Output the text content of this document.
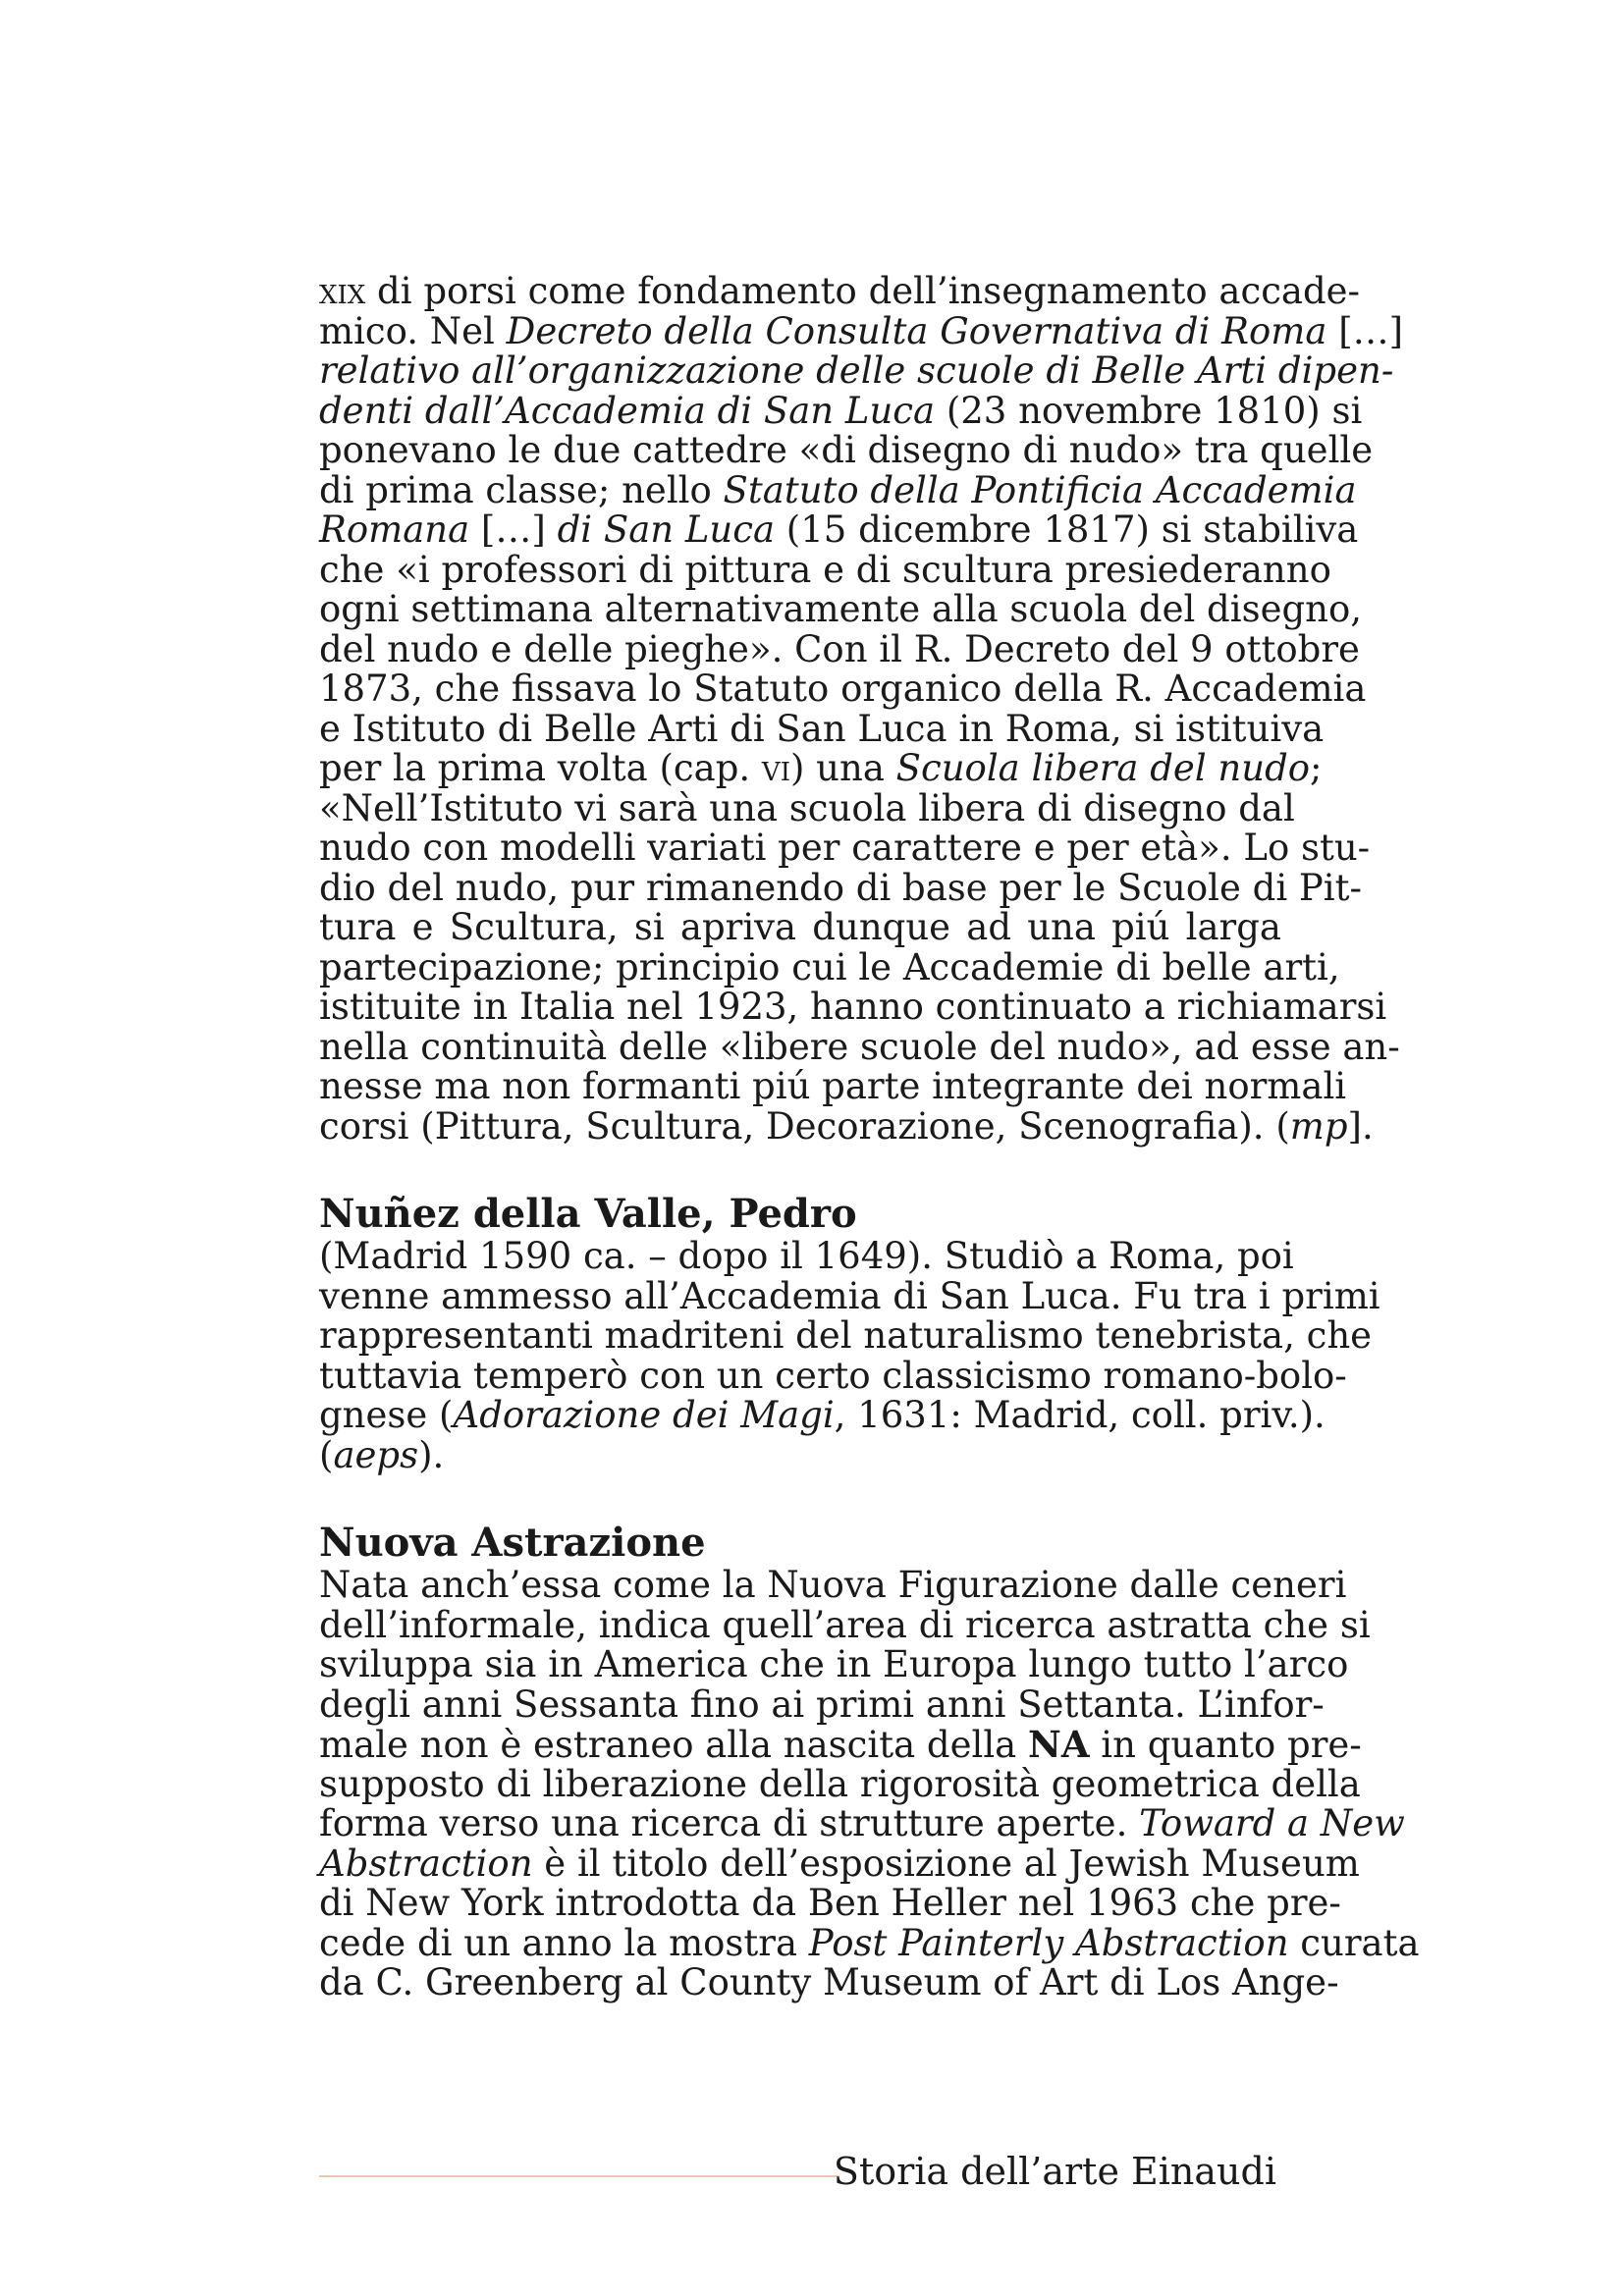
xix di porsi come fondamento dell’insegnamento accade-
mico. Nel Decreto della Consulta Governativa di Roma […]
relativo all’organizzazione delle scuole di Belle Arti dipen-
denti dall’Accademia di San Luca (23 novembre 1810) si
ponevano le due cattedre «di disegno di nudo» tra quelle
di prima classe; nello Statuto della Pontificia Accademia
Romana […] di San Luca (15 dicembre 1817) si stabiliva
che «i professori di pittura e di scultura presiederanno
ogni settimana alternativamente alla scuola del disegno,
del nudo e delle pieghe». Con il R. Decreto del 9 ottobre
1873, che fissava lo Statuto organico della R. Accademia
e Istituto di Belle Arti di San Luca in Roma, si istituiva
per la prima volta (cap. vi) una Scuola libera del nudo;
«Nell’Istituto vi sarà una scuola libera di disegno dal
nudo con modelli variati per carattere e per età». Lo stu-
dio del nudo, pur rimanendo di base per le Scuole di Pit-
tura e Scultura, si apriva dunque ad una piú larga
partecipazione; principio cui le Accademie di belle arti,
istituite in Italia nel 1923, hanno continuato a richiamarsi
nella continuità delle «libere scuole del nudo», ad esse an-
nesse ma non formanti piú parte integrante dei normali
corsi (Pittura, Scultura, Decorazione, Scenografia). (mp].
Nuñez della Valle, Pedro
(Madrid 1590 ca. – dopo il 1649). Studiò a Roma, poi
venne ammesso all’Accademia di San Luca. Fu tra i primi
rappresentanti madriteni del naturalismo tenebrista, che
tuttavia temperò con un certo classicismo romano-bolo-
gnese (Adorazione dei Magi, 1631: Madrid, coll. priv.).
(aeps).
Nuova Astrazione
Nata anch’essa come la Nuova Figurazione dalle ceneri
dell’informale, indica quell’area di ricerca astratta che si
sviluppa sia in America che in Europa lungo tutto l’arco
degli anni Sessanta fino ai primi anni Settanta. L’infor-
male non è estraneo alla nascita della NA in quanto pre-
supposto di liberazione della rigorosità geometrica della
forma verso una ricerca di strutture aperte. Toward a New
Abstraction è il titolo dell’esposizione al Jewish Museum
di New York introdotta da Ben Heller nel 1963 che pre-
cede di un anno la mostra Post Painterly Abstraction curata
da C. Greenberg al County Museum of Art di Los Ange-
Storia dell’arte Einaudi
